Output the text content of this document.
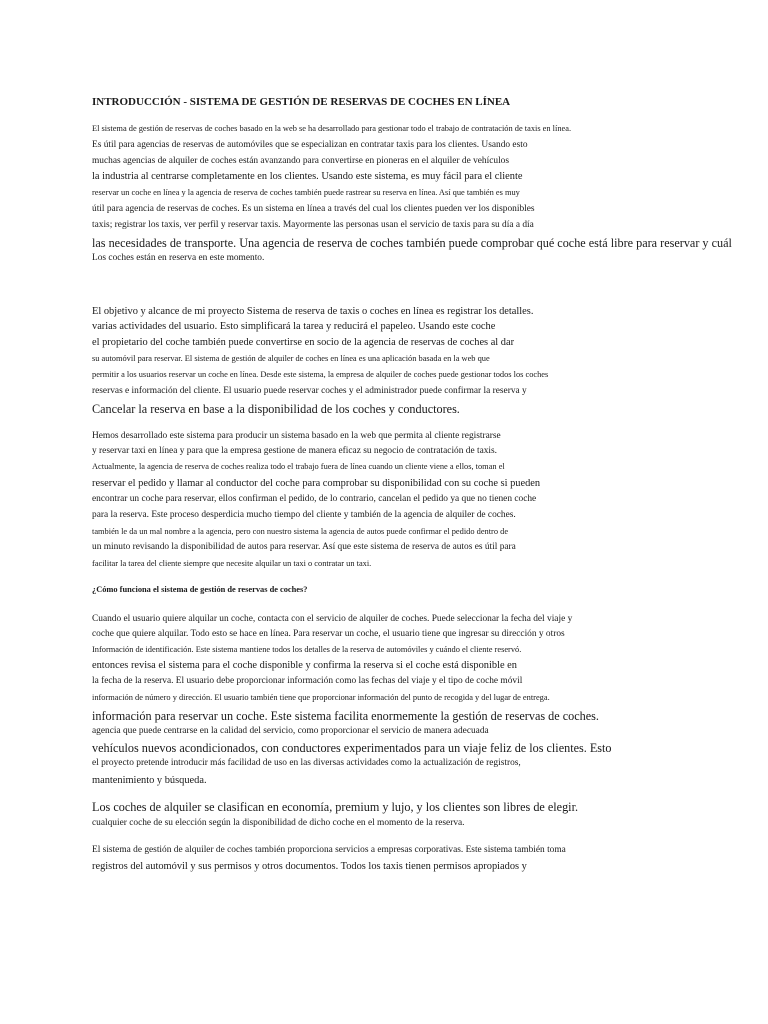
INTRODUCCIÓN - SISTEMA DE GESTIÓN DE RESERVAS DE COCHES EN LÍNEA
El sistema de gestión de reservas de coches basado en la web se ha desarrollado para gestionar todo el trabajo de contratación de taxis en línea.
Es útil para agencias de reservas de automóviles que se especializan en contratar taxis para los clientes. Usando esto
muchas agencias de alquiler de coches están avanzando para convertirse en pioneras en el alquiler de vehículos
la industria al centrarse completamente en los clientes. Usando este sistema, es muy fácil para el cliente
reservar un coche en línea y la agencia de reserva de coches también puede rastrear su reserva en línea. Así que también es muy
útil para agencia de reservas de coches. Es un sistema en línea a través del cual los clientes pueden ver los disponibles
taxis; registrar los taxis, ver perfil y reservar taxis. Mayormente las personas usan el servicio de taxis para su día a día
las necesidades de transporte. Una agencia de reserva de coches también puede comprobar qué coche está libre para reservar y cuál
Los coches están en reserva en este momento.
El objetivo y alcance de mi proyecto Sistema de reserva de taxis o coches en línea es registrar los detalles.
varias actividades del usuario. Esto simplificará la tarea y reducirá el papeleo. Usando este coche
el propietario del coche también puede convertirse en socio de la agencia de reservas de coches al dar
su automóvil para reservar. El sistema de gestión de alquiler de coches en línea es una aplicación basada en la web que
permitir a los usuarios reservar un coche en línea. Desde este sistema, la empresa de alquiler de coches puede gestionar todos los coches
reservas e información del cliente. El usuario puede reservar coches y el administrador puede confirmar la reserva y
Cancelar la reserva en base a la disponibilidad de los coches y conductores.
Hemos desarrollado este sistema para producir un sistema basado en la web que permita al cliente registrarse
y reservar taxi en línea y para que la empresa gestione de manera eficaz su negocio de contratación de taxis.
Actualmente, la agencia de reserva de coches realiza todo el trabajo fuera de línea cuando un cliente viene a ellos, toman el
reservar el pedido y llamar al conductor del coche para comprobar su disponibilidad con su coche si pueden
encontrar un coche para reservar, ellos confirman el pedido, de lo contrario, cancelan el pedido ya que no tienen coche
para la reserva. Este proceso desperdicia mucho tiempo del cliente y también de la agencia de alquiler de coches.
también le da un mal nombre a la agencia, pero con nuestro sistema la agencia de autos puede confirmar el pedido dentro de
un minuto revisando la disponibilidad de autos para reservar. Así que este sistema de reserva de autos es útil para
facilitar la tarea del cliente siempre que necesite alquilar un taxi o contratar un taxi.
¿Cómo funciona el sistema de gestión de reservas de coches?
Cuando el usuario quiere alquilar un coche, contacta con el servicio de alquiler de coches. Puede seleccionar la fecha del viaje y
coche que quiere alquilar. Todo esto se hace en línea. Para reservar un coche, el usuario tiene que ingresar su dirección y otros
Información de identificación. Este sistema mantiene todos los detalles de la reserva de automóviles y cuándo el cliente reservó.
entonces revisa el sistema para el coche disponible y confirma la reserva si el coche está disponible en
la fecha de la reserva. El usuario debe proporcionar información como las fechas del viaje y el tipo de coche móvil
información de número y dirección. El usuario también tiene que proporcionar información del punto de recogida y del lugar de entrega.
información para reservar un coche. Este sistema facilita enormemente la gestión de reservas de coches.
agencia que puede centrarse en la calidad del servicio, como proporcionar el servicio de manera adecuada
vehículos nuevos acondicionados, con conductores experimentados para un viaje feliz de los clientes. Esto
el proyecto pretende introducir más facilidad de uso en las diversas actividades como la actualización de registros,
mantenimiento y búsqueda.
Los coches de alquiler se clasifican en economía, premium y lujo, y los clientes son libres de elegir.
cualquier coche de su elección según la disponibilidad de dicho coche en el momento de la reserva.
El sistema de gestión de alquiler de coches también proporciona servicios a empresas corporativas. Este sistema también toma
registros del automóvil y sus permisos y otros documentos. Todos los taxis tienen permisos apropiados y
